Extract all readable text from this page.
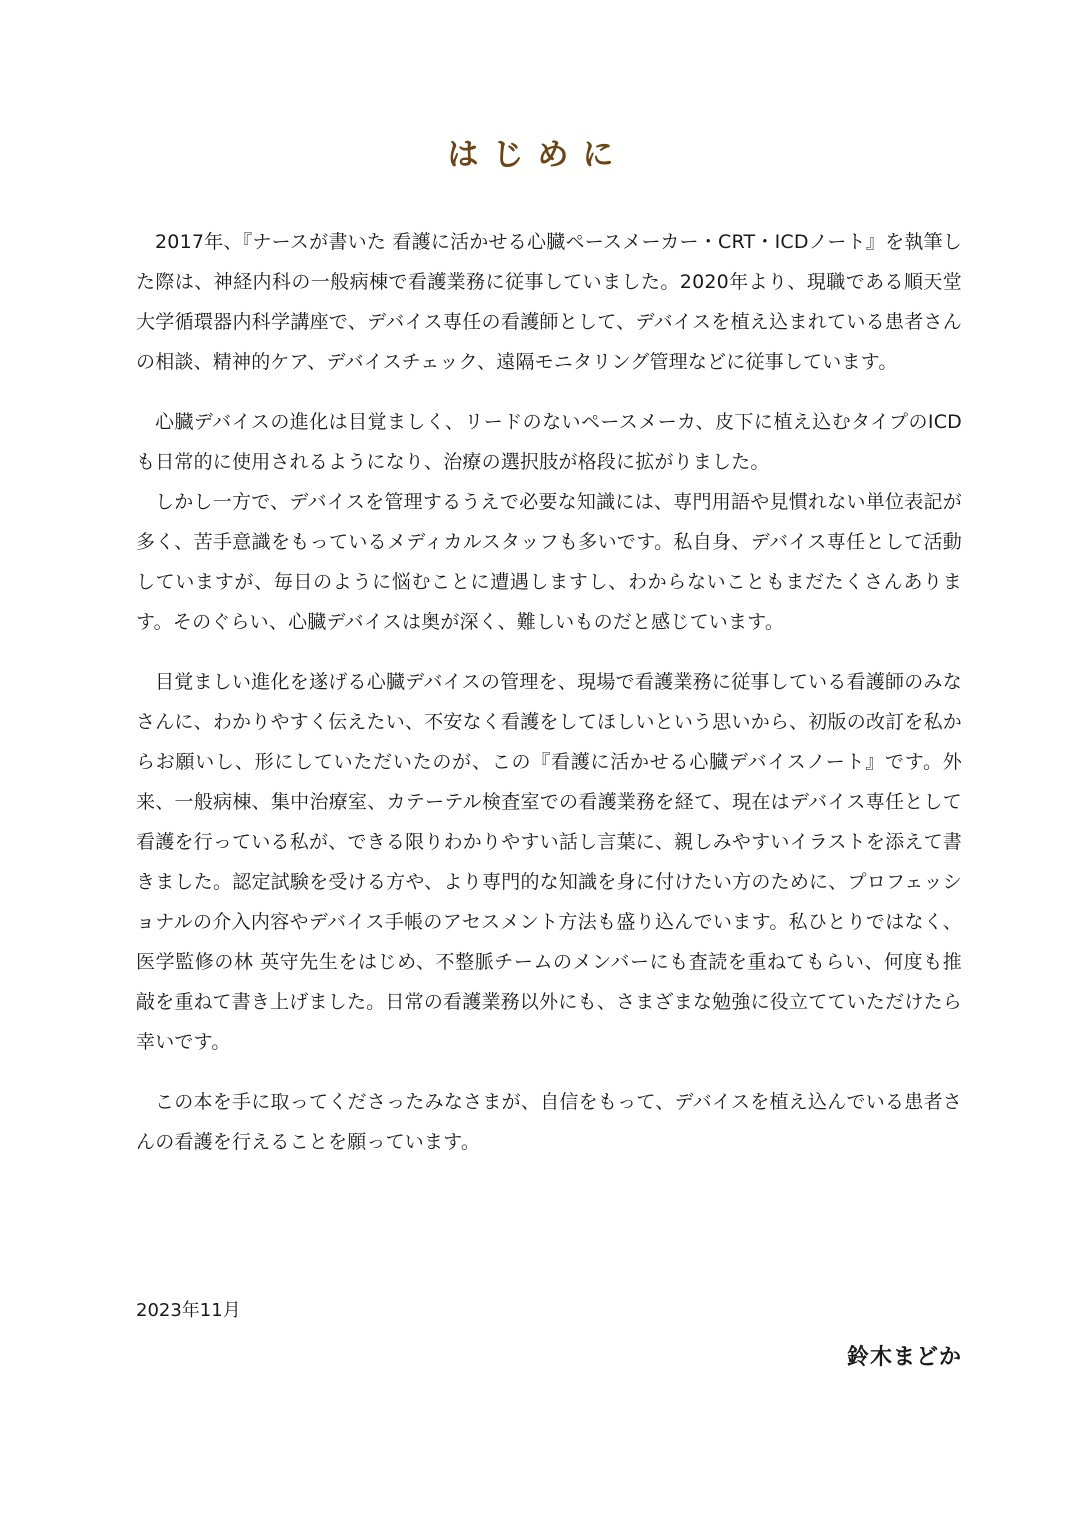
はじめに

2017年、『ナースが書いた 看護に活かせる心臓ペースメーカー・CRT・ICDノート』を執筆した際は、神経内科の一般病棟で看護業務に従事していました。2020年より、現職である順天堂大学循環器内科学講座で、デバイス専任の看護師として、デバイスを植え込まれている患者さんの相談、精神的ケア、デバイスチェック、遠隔モニタリング管理などに従事しています。

心臓デバイスの進化は目覚ましく、リードのないペースメーカ、皮下に植え込むタイプのICDも日常的に使用されるようになり、治療の選択肢が格段に拡がりました。

しかし一方で、デバイスを管理するうえで必要な知識には、専門用語や見慣れない単位表記が多く、苦手意識をもっているメディカルスタッフも多いです。私自身、デバイス専任として活動していますが、毎日のように悩むことに遭遇しますし、わからないこともまだたくさんあります。そのぐらい、心臓デバイスは奥が深く、難しいものだと感じています。

目覚ましい進化を遂げる心臓デバイスの管理を、現場で看護業務に従事している看護師のみなさんに、わかりやすく伝えたい、不安なく看護をしてほしいという思いから、初版の改訂を私からお願いし、形にしていただいたのが、この『看護に活かせる心臓デバイスノート』です。外来、一般病棟、集中治療室、カテーテル検査室での看護業務を経て、現在はデバイス専任として看護を行っている私が、できる限りわかりやすい話し言葉に、親しみやすいイラストを添えて書きました。認定試験を受ける方や、より専門的な知識を身に付けたい方のために、プロフェッショナルの介入内容やデバイス手帳のアセスメント方法も盛り込んでいます。私ひとりではなく、医学監修の林 英守先生をはじめ、不整脈チームのメンバーにも査読を重ねてもらい、何度も推敲を重ねて書き上げました。日常の看護業務以外にも、さまざまな勉強に役立てていただけたら幸いです。

この本を手に取ってくださったみなさまが、自信をもって、デバイスを植え込んでいる患者さんの看護を行えることを願っています。

2023年11月

鈴木まどか
